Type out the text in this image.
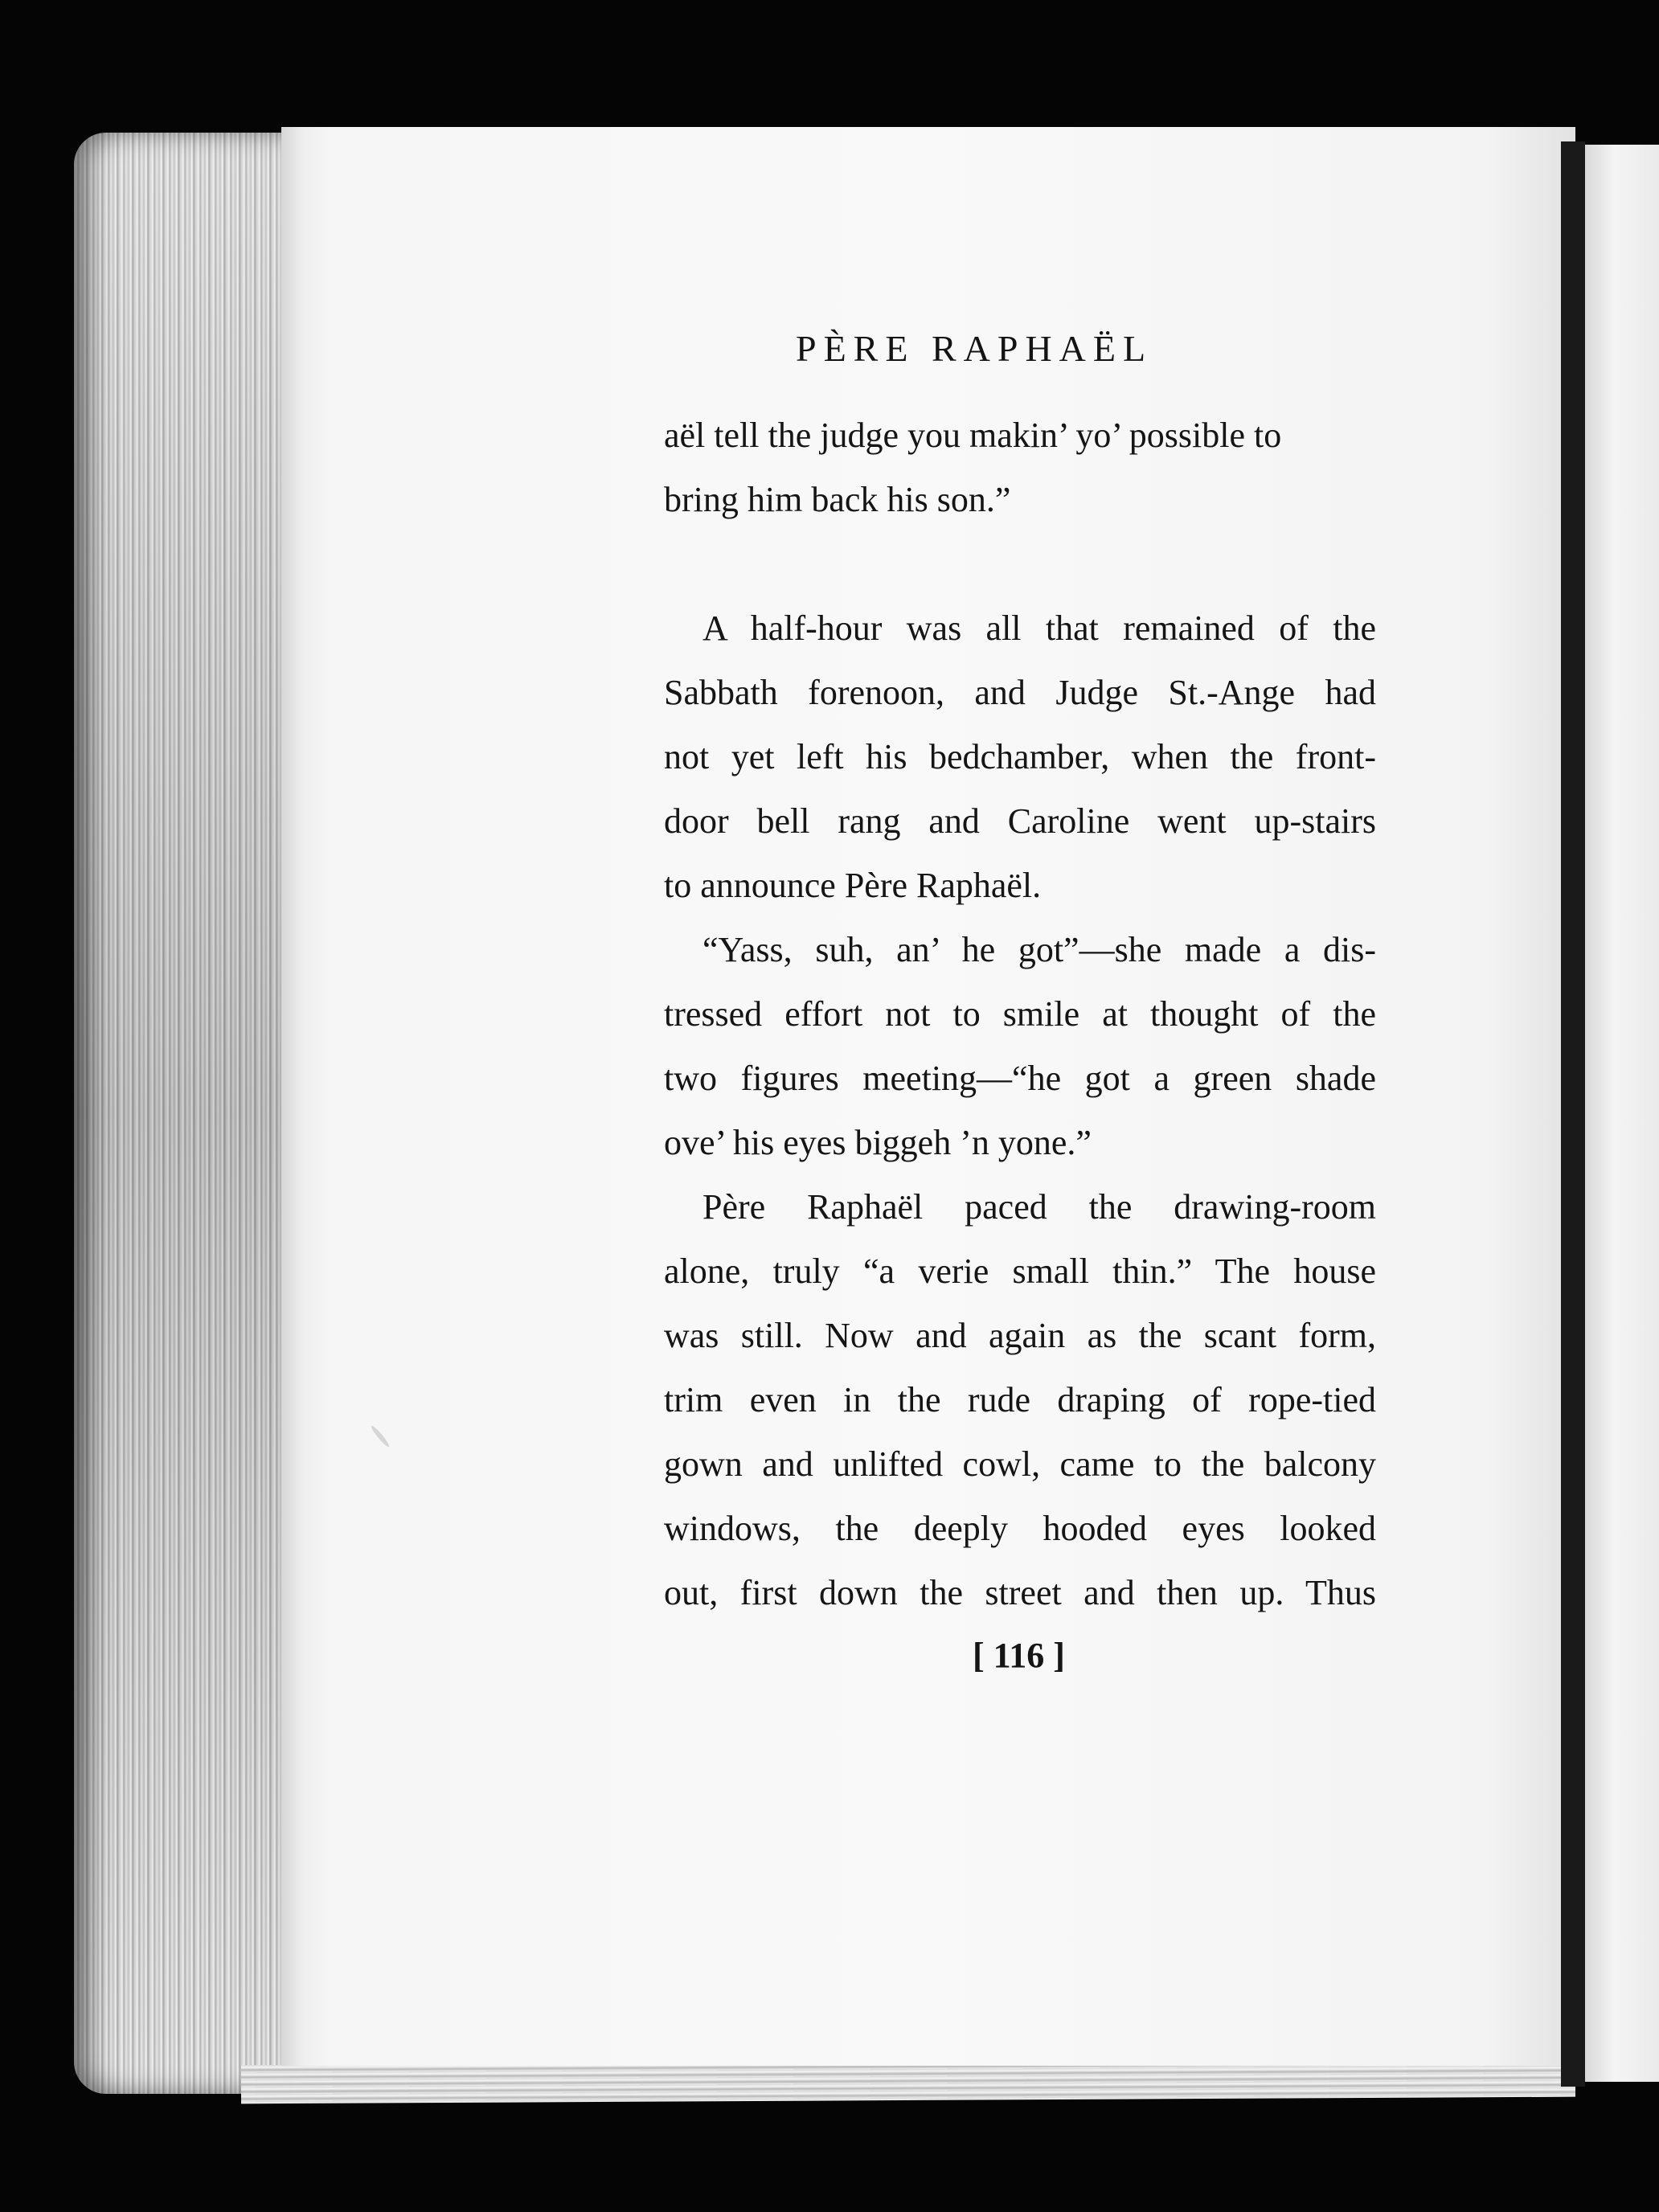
PÈRE RAPHAËL
aël tell the judge you makin’ yo’ possible to
bring him back his son.”
A half-hour was all that remained of the
Sabbath forenoon, and Judge St.-Ange had
not yet left his bedchamber, when the front-
door bell rang and Caroline went up-stairs
to announce Père Raphaël.
“Yass, suh, an’ he got”—she made a dis-
tressed effort not to smile at thought of the
two figures meeting—“he got a green shade
ove’ his eyes biggeh ’n yone.”
Père Raphaël paced the drawing-room
alone, truly “a verie small thin.” The house
was still. Now and again as the scant form,
trim even in the rude draping of rope-tied
gown and unlifted cowl, came to the balcony
windows, the deeply hooded eyes looked
out, first down the street and then up. Thus
[ 116 ]
